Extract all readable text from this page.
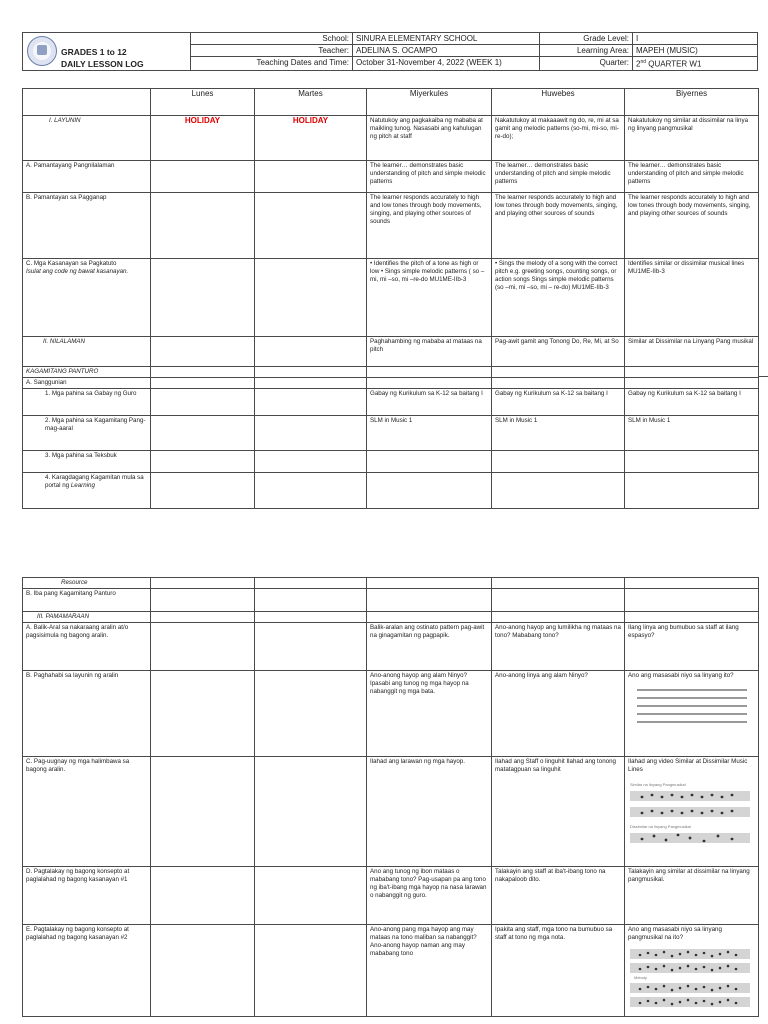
GRADES 1 to 12
DAILY LESSON LOG	School:	SINURA ELEMENTARY SCHOOL	Grade Level:	I
	Teacher:	ADELINA S. OCAMPO	Learning Area:	MAPEH (MUSIC)
	Teaching Dates and Time:	October 31-November 4, 2022 (WEEK 1)	Quarter:	2nd QUARTER W1
	Lunes	Martes	Miyerkules	Huwebes	Biyernes
I. LAYUNIN	HOLIDAY	HOLIDAY	Natutukoy ang pagkakaiba ng mababa at maikling tunog. Nasasabi ang kahulugan ng pitch at staff	Nakatutukoy at makaaawit ng do, re, mi at sa gamit ang melodic patterns (so-mi, mi-so, mi-re-do);	Nakatutukoy ng similar at dissimilar na linya ng linyang pangmusikal
A. Pamantayang Pangnilalaman			The learner… demonstrates basic understanding of pitch and simple melodic patterns	The learner… demonstrates basic understanding of pitch and simple melodic patterns	The learner… demonstrates basic understanding of pitch and simple melodic patterns
B. Pamantayan sa Pagganap			The learner responds accurately to high and low tones through body movements, singing, and playing other sources of sounds	The learner responds accurately to high and low tones through body movements, singing, and playing other sources of sounds	The learner responds accurately to high and low tones through body movements, singing, and playing other sources of sounds

C. Mga Kasanayan sa Pagkatuto
Isulat ang code ng bawat kasanayan.			• Identifies the pitch of a tone as high or low • Sings simple melodic patterns ( so –mi, mi –so, mi –re-do MU1ME-IIb-3	• Sings the melody of a song with the correct pitch e.g. greeting songs, counting songs, or action songs Sings simple melodic patterns (so –mi, mi –so, mi – re-do) MU1ME-IIb-3	Identifies similar or dissimilar musical lines MU1ME-IIb-3
II. NILALAMAN			Paghahambing ng mababa at mataas na pitch	Pag-awit gamit ang Tonong Do, Re, Mi, at So	Similar at Dissimilar na Linyang Pang musikal
KAGAMITANG PANTURO					
A. Sanggunian					
1. Mga pahina sa Gabay ng Guro			Gabay ng Kurikulum sa K-12 sa baitang I	Gabay ng Kurikulum sa K-12 sa baitang I	Gabay ng Kurikulum sa K-12 sa baitang I
2. Mga pahina sa Kagamitang Pang-mag-aaral			SLM in Music 1	SLM in Music 1	SLM in Music 1
3. Mga pahina sa Teksbuk					
4. Karagdagang Kagamitan mula sa portal ng Learning					
Resource					
B. Iba pang Kagamitang Panturo					
III. PAMAMARAAN					
A. Balik-Aral sa nakaraang aralin at/o pagsisimula ng bagong aralin.			Balik-aralan ang ostinato pattern pag-awit na ginagamitan ng pagpapik.	Ano-anong hayop ang lumilikha ng mataas na tono? Mababang tono?	Ilang linya ang bumubuo sa staff at ilang espasyo?
B. Paghahabi sa layunin ng aralin			Ano-anong hayop ang alam Ninyo? Ipasabi ang tunog ng mga hayop na nabanggit ng mga bata.	Ano-anong linya ang alam Ninyo?	Ano ang masasabi niyo sa linyang ito?

C. Pag-uugnay ng mga halimbawa sa bagong aralin.			Ilahad ang larawan ng mga hayop.	Ilahad ang Staff o linguhit Ilahad ang tonong matatagpuan sa linguhit	Ilahad ang video Similar at Dissimilar Music Lines
Similar na linyang Pangmusikal
Dissimilar na linyang Pangmusikal

D. Pagtalakay ng bagong konsepto at paglalahad ng bagong kasanayan #1			Ano ang tunog ng ibon mataas o mababang tono? Pag-usapan pa ang tono ng iba't-ibang mga hayop na nasa larawan o nabanggit ng guro.	Talakayin ang staff at iba't-ibang tono na nakapaloob dito.	Talakayin ang similar at dissimilar na linyang pangmusikal.
E. Pagtalakay ng bagong konsepto at paglalahad ng bagong kasanayan #2			Ano-anong pang mga hayop ang may mataas na tono maliban sa nabanggit?Ano-anong hayop naman ang may mababang tono	Ipakita ang staff, mga tono na bumubuo sa staff at tono ng mga nota.	Ano ang masasabi niyo sa linyang pangmusikal na ito?
Melody
